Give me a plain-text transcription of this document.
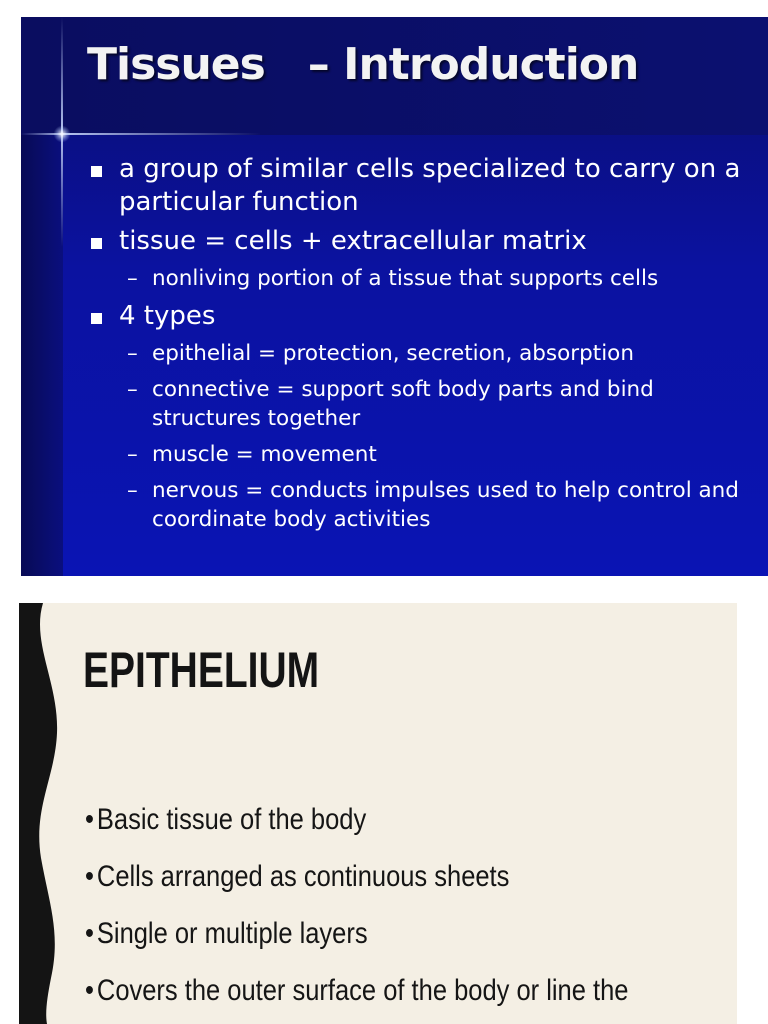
Tissues   – Introduction
a group of similar cells specialized to carry on a particular function
tissue = cells + extracellular matrix
– nonliving portion of a tissue that supports cells
4 types
– epithelial = protection, secretion, absorption
– connective = support soft body parts and bind structures together
– muscle = movement
– nervous = conducts impulses used to help control and coordinate body activities
EPITHELIUM
• Basic tissue of the body
• Cells arranged as continuous sheets
• Single or multiple layers
• Covers the outer surface of the body or line the
